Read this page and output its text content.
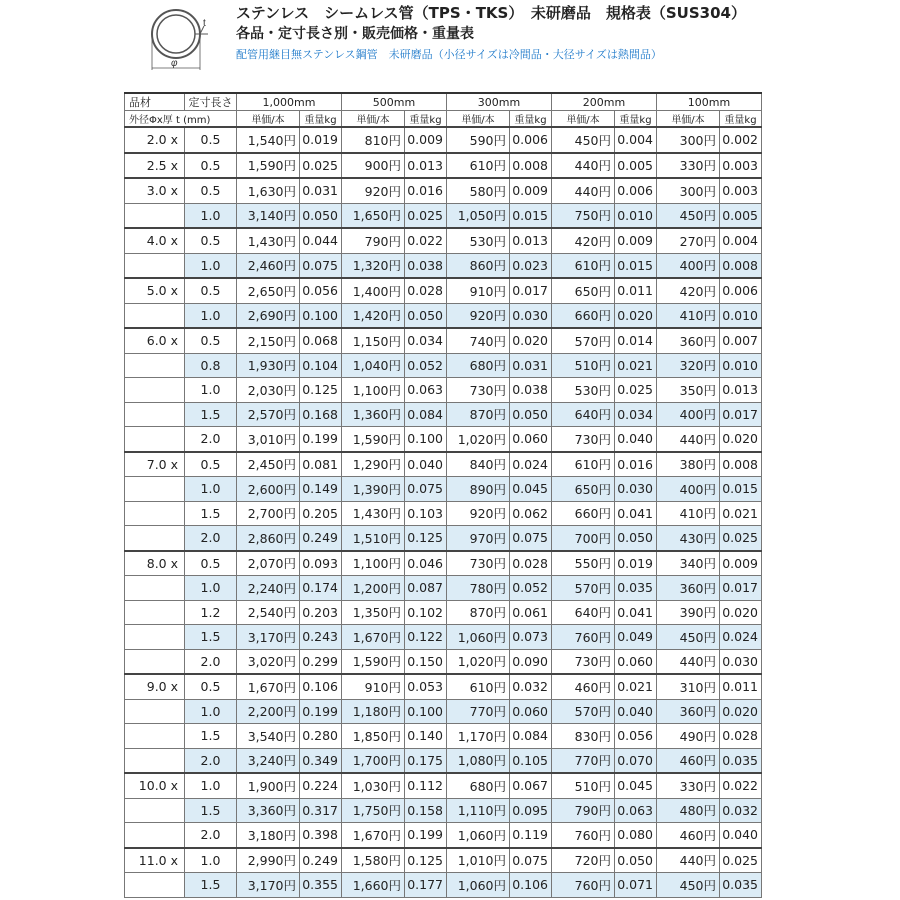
t
φ
ステンレス　シームレス管（TPS・TKS）　未研磨品　規格表（SUS304）
各品・定寸長さ別・販売価格・重量表
配管用継目無ステンレス鋼管　未研磨品（小径サイズは冷間品・大径サイズは熱間品）
品材	定寸長さ	1,000mm		500mm		300mm		200mm		100mm	
外径Φx厚 t (mm)		単価/本	重量kg	単価/本	重量kg	単価/本	重量kg	単価/本	重量kg	単価/本	重量kg
2.0 x	0.5	1,540円	0.019	810円	0.009	590円	0.006	450円	0.004	300円	0.002
2.5 x	0.5	1,590円	0.025	900円	0.013	610円	0.008	440円	0.005	330円	0.003
3.0 x	0.5	1,630円	0.031	920円	0.016	580円	0.009	440円	0.006	300円	0.003
	1.0	3,140円	0.050	1,650円	0.025	1,050円	0.015	750円	0.010	450円	0.005
4.0 x	0.5	1,430円	0.044	790円	0.022	530円	0.013	420円	0.009	270円	0.004
	1.0	2,460円	0.075	1,320円	0.038	860円	0.023	610円	0.015	400円	0.008
5.0 x	0.5	2,650円	0.056	1,400円	0.028	910円	0.017	650円	0.011	420円	0.006
	1.0	2,690円	0.100	1,420円	0.050	920円	0.030	660円	0.020	410円	0.010
6.0 x	0.5	2,150円	0.068	1,150円	0.034	740円	0.020	570円	0.014	360円	0.007
	0.8	1,930円	0.104	1,040円	0.052	680円	0.031	510円	0.021	320円	0.010
	1.0	2,030円	0.125	1,100円	0.063	730円	0.038	530円	0.025	350円	0.013
	1.5	2,570円	0.168	1,360円	0.084	870円	0.050	640円	0.034	400円	0.017
	2.0	3,010円	0.199	1,590円	0.100	1,020円	0.060	730円	0.040	440円	0.020
7.0 x	0.5	2,450円	0.081	1,290円	0.040	840円	0.024	610円	0.016	380円	0.008
	1.0	2,600円	0.149	1,390円	0.075	890円	0.045	650円	0.030	400円	0.015
	1.5	2,700円	0.205	1,430円	0.103	920円	0.062	660円	0.041	410円	0.021
	2.0	2,860円	0.249	1,510円	0.125	970円	0.075	700円	0.050	430円	0.025
8.0 x	0.5	2,070円	0.093	1,100円	0.046	730円	0.028	550円	0.019	340円	0.009
	1.0	2,240円	0.174	1,200円	0.087	780円	0.052	570円	0.035	360円	0.017
	1.2	2,540円	0.203	1,350円	0.102	870円	0.061	640円	0.041	390円	0.020
	1.5	3,170円	0.243	1,670円	0.122	1,060円	0.073	760円	0.049	450円	0.024
	2.0	3,020円	0.299	1,590円	0.150	1,020円	0.090	730円	0.060	440円	0.030
9.0 x	0.5	1,670円	0.106	910円	0.053	610円	0.032	460円	0.021	310円	0.011
	1.0	2,200円	0.199	1,180円	0.100	770円	0.060	570円	0.040	360円	0.020
	1.5	3,540円	0.280	1,850円	0.140	1,170円	0.084	830円	0.056	490円	0.028
	2.0	3,240円	0.349	1,700円	0.175	1,080円	0.105	770円	0.070	460円	0.035
10.0 x	1.0	1,900円	0.224	1,030円	0.112	680円	0.067	510円	0.045	330円	0.022
	1.5	3,360円	0.317	1,750円	0.158	1,110円	0.095	790円	0.063	480円	0.032
	2.0	3,180円	0.398	1,670円	0.199	1,060円	0.119	760円	0.080	460円	0.040
11.0 x	1.0	2,990円	0.249	1,580円	0.125	1,010円	0.075	720円	0.050	440円	0.025
	1.5	3,170円	0.355	1,660円	0.177	1,060円	0.106	760円	0.071	450円	0.035
